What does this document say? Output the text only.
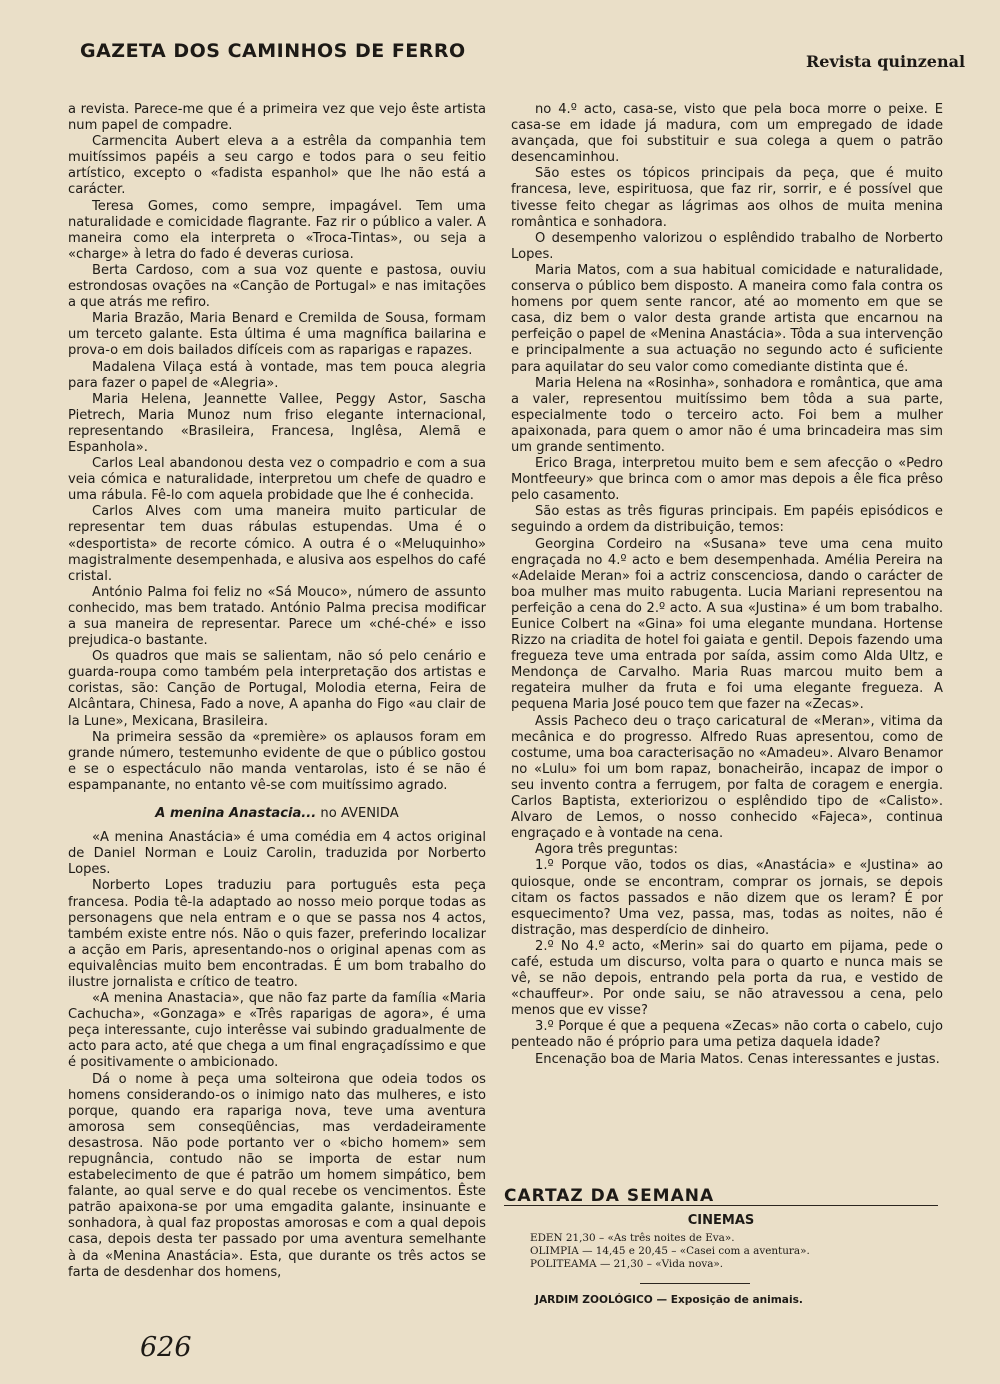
GAZETA DOS CAMINHOS DE FERRO	Revista quinzenal

a revista. Parece-me que é a primeira vez que vejo êste artista num papel de compadre.

Carmencita Aubert eleva a a estrêla da companhia tem muitíssimos papéis a seu cargo e todos para o seu feitio artístico, excepto o «fadista espanhol» que lhe não está a carácter.

Teresa Gomes, como sempre, impagável. Tem uma naturalidade e comicidade flagrante. Faz rir o público a valer. A maneira como ela interpreta o «Troca-Tintas», ou seja a «charge» à letra do fado é deveras curiosa.

Berta Cardoso, com a sua voz quente e pastosa, ouviu estrondosas ovações na «Canção de Portugal» e nas imitações a que atrás me refiro.

Maria Brazão, Maria Benard e Cremilda de Sousa, formam um terceto galante. Esta última é uma magnífica bailarina e prova-o em dois bailados difíceis com as raparigas e rapazes.

Madalena Vilaça está à vontade, mas tem pouca alegria para fazer o papel de «Alegria».

Maria Helena, Jeannette Vallee, Peggy Astor, Sascha Pietrech, Maria Munoz num friso elegante internacional, representando «Brasileira, Francesa, Inglêsa, Alemã e Espanhola».

Carlos Leal abandonou desta vez o compadrio e com a sua veia cómica e naturalidade, interpretou um chefe de quadro e uma rábula. Fê-lo com aquela probidade que lhe é conhecida.

Carlos Alves com uma maneira muito particular de representar tem duas rábulas estupendas. Uma é o «desportista» de recorte cómico. A outra é o «Meluquinho» magistralmente desempenhada, e alusiva aos espelhos do café cristal.

António Palma foi feliz no «Sá Mouco», número de assunto conhecido, mas bem tratado. António Palma precisa modificar a sua maneira de representar. Parece um «ché-ché» e isso prejudica-o bastante.

Os quadros que mais se salientam, não só pelo cenário e guarda-roupa como também pela interpretação dos artistas e coristas, são: Canção de Portugal, Molodia eterna, Feira de Alcântara, Chinesa, Fado a nove, A apanha do Figo «au clair de la Lune», Mexicana, Brasileira.

Na primeira sessão da «première» os aplausos foram em grande número, testemunho evidente de que o público gostou e se o espectáculo não manda ventarolas, isto é se não é espampanante, no entanto vê-se com muitíssimo agrado.

A menina Anastacia... no AVENIDA

«A menina Anastácia» é uma comédia em 4 actos original de Daniel Norman e Louiz Carolin, traduzida por Norberto Lopes.

Norberto Lopes traduziu para português esta peça francesa. Podia tê-la adaptado ao nosso meio porque todas as personagens que nela entram e o que se passa nos 4 actos, também existe entre nós. Não o quis fazer, preferindo localizar a acção em Paris, apresentando-nos o original apenas com as equivalências muito bem encontradas. É um bom trabalho do ilustre jornalista e crítico de teatro.

«A menina Anastacia», que não faz parte da família «Maria Cachucha», «Gonzaga» e «Três raparigas de agora», é uma peça interessante, cujo interêsse vai subindo gradualmente de acto para acto, até que chega a um final engraçadíssimo e que é positivamente o ambicionado.

Dá o nome à peça uma solteirona que odeia todos os homens considerando-os o inimigo nato das mulheres, e isto porque, quando era rapariga nova, teve uma aventura amorosa sem conseqüências, mas verdadeiramente desastrosa. Não pode portanto ver o «bicho homem» sem repugnância, contudo não se importa de estar num estabelecimento de que é patrão um homem simpático, bem falante, ao qual serve e do qual recebe os vencimentos. Êste patrão apaixona-se por uma emgadita galante, insinuante e sonhadora, à qual faz propostas amorosas e com a qual depois casa, depois desta ter passado por uma aventura semelhante à da «Menina Anastácia». Esta, que durante os três actos se farta de desdenhar dos homens,

no 4.º acto, casa-se, visto que pela boca morre o peixe. E casa-se em idade já madura, com um empregado de idade avançada, que foi substituir e sua colega a quem o patrão desencaminhou.

São estes os tópicos principais da peça, que é muito francesa, leve, espirituosa, que faz rir, sorrir, e é possível que tivesse feito chegar as lágrimas aos olhos de muita menina romântica e sonhadora.

O desempenho valorizou o esplêndido trabalho de Norberto Lopes.

Maria Matos, com a sua habitual comicidade e naturalidade, conserva o público bem disposto. A maneira como fala contra os homens por quem sente rancor, até ao momento em que se casa, diz bem o valor desta grande artista que encarnou na perfeição o papel de «Menina Anastácia». Tôda a sua intervenção e principalmente a sua actuação no segundo acto é suficiente para aquilatar do seu valor como comediante distinta que é.

Maria Helena na «Rosinha», sonhadora e romântica, que ama a valer, representou muitíssimo bem tôda a sua parte, especialmente todo o terceiro acto. Foi bem a mulher apaixonada, para quem o amor não é uma brincadeira mas sim um grande sentimento.

Erico Braga, interpretou muito bem e sem afecção o «Pedro Montfeeury» que brinca com o amor mas depois a êle fica prêso pelo casamento.

São estas as três figuras principais. Em papéis episódicos e seguindo a ordem da distribuição, temos:

Georgina Cordeiro na «Susana» teve uma cena muito engraçada no 4.º acto e bem desempenhada. Amélia Pereira na «Adelaide Meran» foi a actriz conscenciosa, dando o carácter de boa mulher mas muito rabugenta. Lucia Mariani representou na perfeição a cena do 2.º acto. A sua «Justina» é um bom trabalho. Eunice Colbert na «Gina» foi uma elegante mundana. Hortense Rizzo na criadita de hotel foi gaiata e gentil. Depois fazendo uma fregueza teve uma entrada por saída, assim como Alda Ultz, e Mendonça de Carvalho. Maria Ruas marcou muito bem a regateira mulher da fruta e foi uma elegante fregueza. A pequena Maria José pouco tem que fazer na «Zecas».

Assis Pacheco deu o traço caricatural de «Meran», vitima da mecânica e do progresso. Alfredo Ruas apresentou, como de costume, uma boa caracterisação no «Amadeu». Alvaro Benamor no «Lulu» foi um bom rapaz, bonacheirão, incapaz de impor o seu invento contra a ferrugem, por falta de coragem e energia. Carlos Baptista, exteriorizou o esplêndido tipo de «Calisto». Alvaro de Lemos, o nosso conhecido «Fajeca», continua engraçado e à vontade na cena.

Agora três preguntas:

1.º Porque vão, todos os dias, «Anastácia» e «Justina» ao quiosque, onde se encontram, comprar os jornais, se depois citam os factos passados e não dizem que os leram? É por esquecimento? Uma vez, passa, mas, todas as noites, não é distração, mas desperdício de dinheiro.

2.º No 4.º acto, «Merin» sai do quarto em pijama, pede o café, estuda um discurso, volta para o quarto e nunca mais se vê, se não depois, entrando pela porta da rua, e vestido de «chauffeur». Por onde saiu, se não atravessou a cena, pelo menos que ev visse?

3.º Porque é que a pequena «Zecas» não corta o cabelo, cujo penteado não é próprio para uma petiza daquela idade?

Encenação boa de Maria Matos. Cenas interessantes e justas.

CARTAZ DA SEMANA
CINEMAS
EDEN 21,30 – «As três noites de Eva».
OLIMPIA — 14,45 e 20,45 – «Casei com a aventura».
POLITEAMA — 21,30 – «Vida nova».
JARDIM ZOOLÓGICO — Exposição de animais.
626
